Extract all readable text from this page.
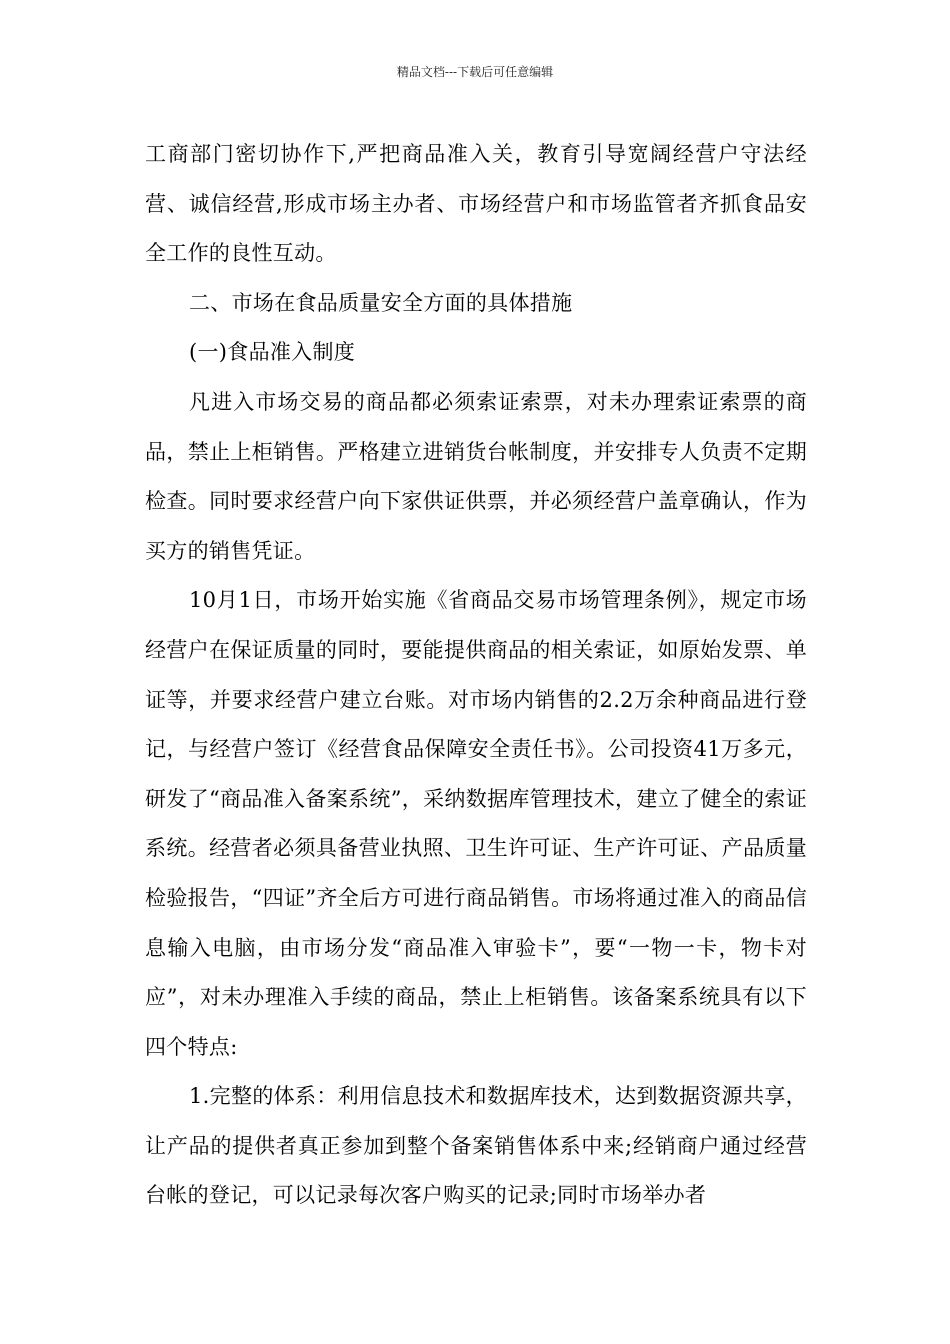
精品文档---下载后可任意编辑

工商部门密切协作下,严把商品准入关，教育引导宽阔经营户守法经营、诚信经营,形成市场主办者、市场经营户和市场监管者齐抓食品安全工作的良性互动。

二、市场在食品质量安全方面的具体措施

(一)食品准入制度

凡进入市场交易的商品都必须索证索票，对未办理索证索票的商品，禁止上柜销售。严格建立进销货台帐制度，并安排专人负责不定期检查。同时要求经营户向下家供证供票，并必须经营户盖章确认，作为买方的销售凭证。

10月1日，市场开始实施《省商品交易市场管理条例》，规定市场经营户在保证质量的同时，要能提供商品的相关索证，如原始发票、单证等，并要求经营户建立台账。对市场内销售的2.2万余种商品进行登记，与经营户签订《经营食品保障安全责任书》。公司投资41万多元，研发了“商品准入备案系统”，采纳数据库管理技术，建立了健全的索证系统。经营者必须具备营业执照、卫生许可证、生产许可证、产品质量检验报告，“四证”齐全后方可进行商品销售。市场将通过准入的商品信息输入电脑，由市场分发“商品准入审验卡”，要“一物一卡，物卡对应”，对未办理准入手续的商品，禁止上柜销售。该备案系统具有以下四个特点:

1.完整的体系：利用信息技术和数据库技术，达到数据资源共享，让产品的提供者真正参加到整个备案销售体系中来;经销商户通过经营台帐的登记，可以记录每次客户购买的记录;同时市场举办者
